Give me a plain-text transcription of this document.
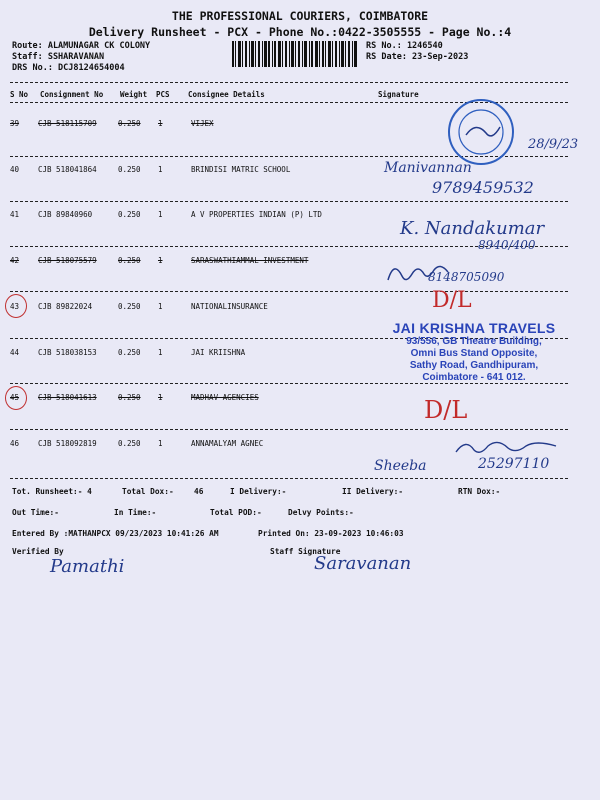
THE PROFESSIONAL COURIERS, COIMBATORE
Delivery Runsheet - PCX - Phone No.:0422-3505555 - Page No.:4
Route: ALAMUNAGAR CK COLONY
Staff: SSHARAVANAN
DRS No.: DCJ8124654004
RS No.: 1246540
RS Date: 23-Sep-2023
S No Consignment No Weight PCS Consignee Details	Signature
39	CJB 518115709	0.250 1	VIJEX
40	CJB 518041864	0.250 1	BRINDISI MATRIC SCHOOL
41	CJB 89840960	0.250 1	A V PROPERTIES INDIAN (P) LTD
42	CJB 518075579	0.250 1	SARASWATHIAMMAL INVESTMENT
43	CJB 89822024	0.250 1	NATIONALINSURANCE
44	CJB 518038153	0.250 1	JAI KRIISHNA
45	CJB 518041613	0.250 1	MADHAV AGENCIES
46	CJB 518092819	0.250 1	ANNAMALYAM AGNEC
28/9/23
Manivannan
9789459532
K. Nandakumar
8940/400
8148705090
D/L
D/L
JAI KRISHNA TRAVELS
93/556, GB Theatre Building,
Omni Bus Stand Opposite,
Sathy Road, Gandhipuram,
Coimbatore - 641 012.
Sheeba	25297110
Tot. Runsheet:- 4	Total Dox:-	46	I Delivery:-	II Delivery:-	RTN Dox:-
Out Time:-	In Time:-	Total POD:-	Delvy Points:-
Entered By :MATHANPCX 09/23/2023 10:41:26 AM	Printed On: 23-09-2023 10:46:03
Verified By	Staff Signature
Pamathi	Saravanan
